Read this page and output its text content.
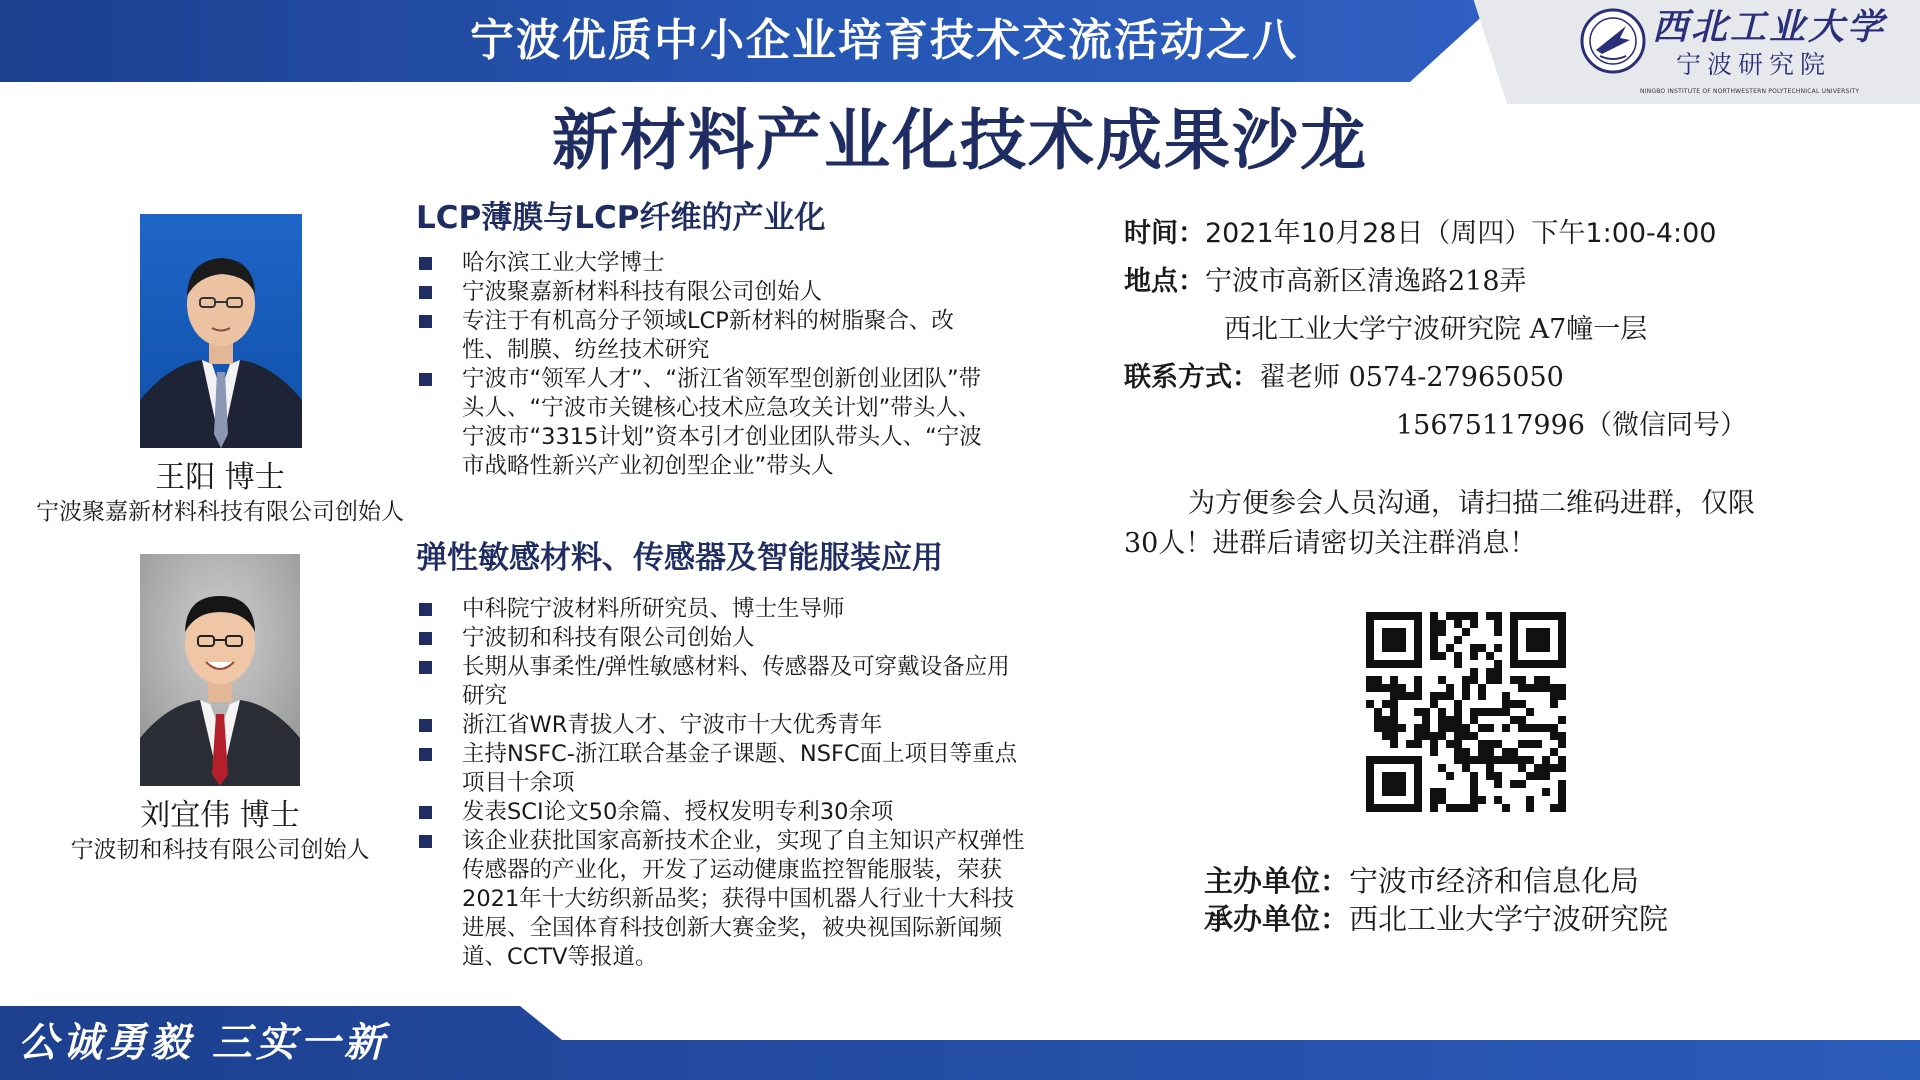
宁波优质中小企业培育技术交流活动之八	西北工业大学
宁波研究院
NINGBO INSTITUTE OF NORTHWESTERN POLYTECHNICAL UNIVERSITY
新材料产业化技术成果沙龙
王阳 博士
宁波聚嘉新材料科技有限公司创始人
刘宜伟 博士
宁波韧和科技有限公司创始人
LCP薄膜与LCP纤维的产业化
哈尔滨工业大学博士
宁波聚嘉新材料科技有限公司创始人
专注于有机高分子领域LCP新材料的树脂聚合、改性、制膜、纺丝技术研究
宁波市“领军人才”、“浙江省领军型创新创业团队”带头人、“宁波市关键核心技术应急攻关计划”带头人、宁波市“3315计划”资本引才创业团队带头人、“宁波市战略性新兴产业初创型企业”带头人
弹性敏感材料、传感器及智能服装应用
中科院宁波材料所研究员、博士生导师
宁波韧和科技有限公司创始人
长期从事柔性/弹性敏感材料、传感器及可穿戴设备应用研究
浙江省WR青拔人才、宁波市十大优秀青年
主持NSFC-浙江联合基金子课题、NSFC面上项目等重点项目十余项
发表SCI论文50余篇、授权发明专利30余项
该企业获批国家高新技术企业，实现了自主知识产权弹性传感器的产业化，开发了运动健康监控智能服装，荣获2021年十大纺织新品奖；获得中国机器人行业十大科技进展、全国体育科技创新大赛金奖，被央视国际新闻频道、CCTV等报道。
时间：2021年10月28日（周四）下午1:00-4:00
地点：宁波市高新区清逸路218弄
西北工业大学宁波研究院 A7幢一层
联系方式：翟老师 0574-27965050
15675117996（微信同号）
为方便参会人员沟通，请扫描二维码进群，仅限30人！进群后请密切关注群消息！
主办单位：宁波市经济和信息化局
承办单位：西北工业大学宁波研究院
公诚勇毅 三实一新
